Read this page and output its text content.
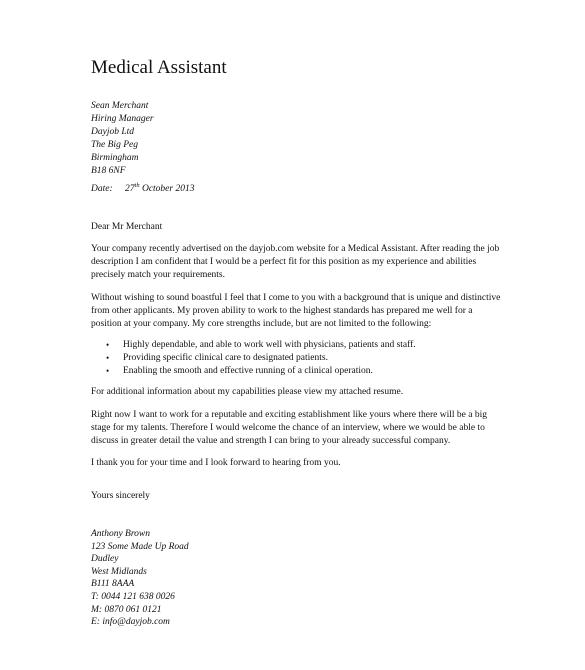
Medical Assistant
Sean Merchant
Hiring Manager
Dayjob Ltd
The Big Peg
Birmingham
B18 6NF
Date: 27th October 2013
Dear Mr Merchant
Your company recently advertised on the dayjob.com website for a Medical Assistant. After reading the job description I am confident that I would be a perfect fit for this position as my experience and abilities precisely match your requirements.
Without wishing to sound boastful I feel that I come to you with a background that is unique and distinctive from other applicants. My proven ability to work to the highest standards has prepared me well for a position at your company. My core strengths include, but are not limited to the following:
• Highly dependable, and able to work well with physicians, patients and staff.
• Providing specific clinical care to designated patients.
• Enabling the smooth and effective running of a clinical operation.
For additional information about my capabilities please view my attached resume.
Right now I want to work for a reputable and exciting establishment like yours where there will be a big stage for my talents. Therefore I would welcome the chance of an interview, where we would be able to discuss in greater detail the value and strength I can bring to your already successful company.
I thank you for your time and I look forward to hearing from you.
Yours sincerely
Anthony Brown
123 Some Made Up Road
Dudley
West Midlands
B111 8AAA
T: 0044 121 638 0026
M: 0870 061 0121
E: info@dayjob.com
